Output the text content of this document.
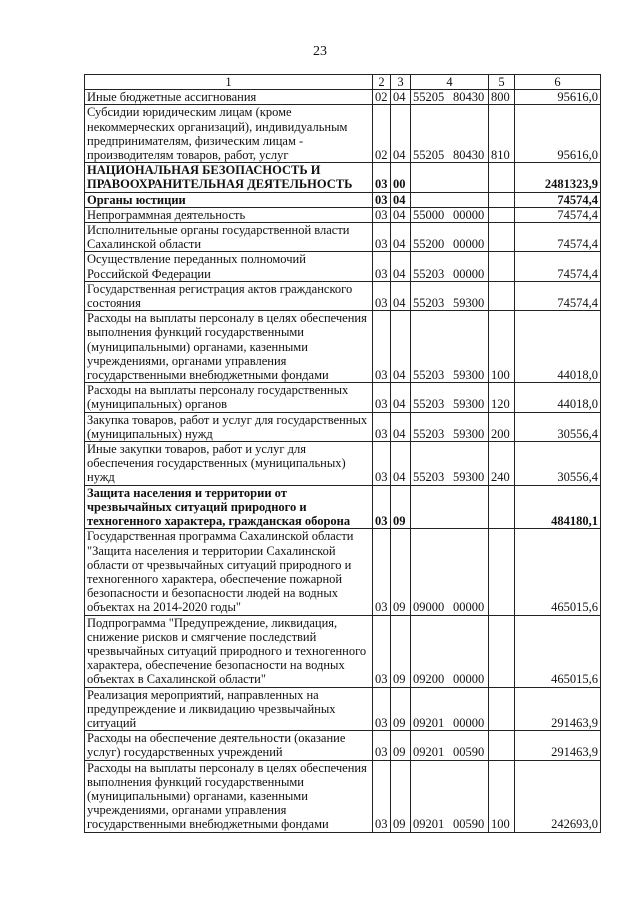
23
1	2	3	4	5	6
Иные бюджетные ассигнования	02	04	55205 80430	800	95616,0
Субсидии юридическим лицам (кроме некоммерческих организаций), индивидуальным предпринимателям, физическим лицам - производителям товаров, работ, услуг	02	04	55205 80430	810	95616,0
НАЦИОНАЛЬНАЯ БЕЗОПАСНОСТЬ И ПРАВООХРАНИТЕЛЬНАЯ ДЕЯТЕЛЬНОСТЬ	03	00			2481323,9
Органы юстиции	03	04			74574,4
Непрограммная деятельность	03	04	55000 00000		74574,4
Исполнительные органы государственной власти Сахалинской области	03	04	55200 00000		74574,4
Осуществление переданных полномочий Российской Федерации	03	04	55203 00000		74574,4
Государственная регистрация актов гражданского состояния	03	04	55203 59300		74574,4
Расходы на выплаты персоналу в целях обеспечения выполнения функций государственными (муниципальными) органами, казенными учреждениями, органами управления государственными внебюджетными фондами	03	04	55203 59300	100	44018,0
Расходы на выплаты персоналу государственных (муниципальных) органов	03	04	55203 59300	120	44018,0
Закупка товаров, работ и услуг для государственных (муниципальных) нужд	03	04	55203 59300	200	30556,4
Иные закупки товаров, работ и услуг для обеспечения государственных (муниципальных) нужд	03	04	55203 59300	240	30556,4
Защита населения и территории от чрезвычайных ситуаций природного и техногенного характера, гражданская оборона	03	09			484180,1
Государственная программа Сахалинской области "Защита населения и территории Сахалинской области от чрезвычайных ситуаций природного и техногенного характера, обеспечение пожарной безопасности и безопасности людей на водных объектах на 2014-2020 годы"	03	09	09000 00000		465015,6
Подпрограмма "Предупреждение, ликвидация, снижение рисков и смягчение последствий чрезвычайных ситуаций природного и техногенного характера, обеспечение безопасности на водных объектах в Сахалинской области"	03	09	09200 00000		465015,6
Реализация мероприятий, направленных на предупреждение и ликвидацию чрезвычайных ситуаций	03	09	09201 00000		291463,9
Расходы на обеспечение деятельности (оказание услуг) государственных учреждений	03	09	09201 00590		291463,9
Расходы на выплаты персоналу в целях обеспечения выполнения функций государственными (муниципальными) органами, казенными учреждениями, органами управления государственными внебюджетными фондами	03	09	09201 00590	100	242693,0
